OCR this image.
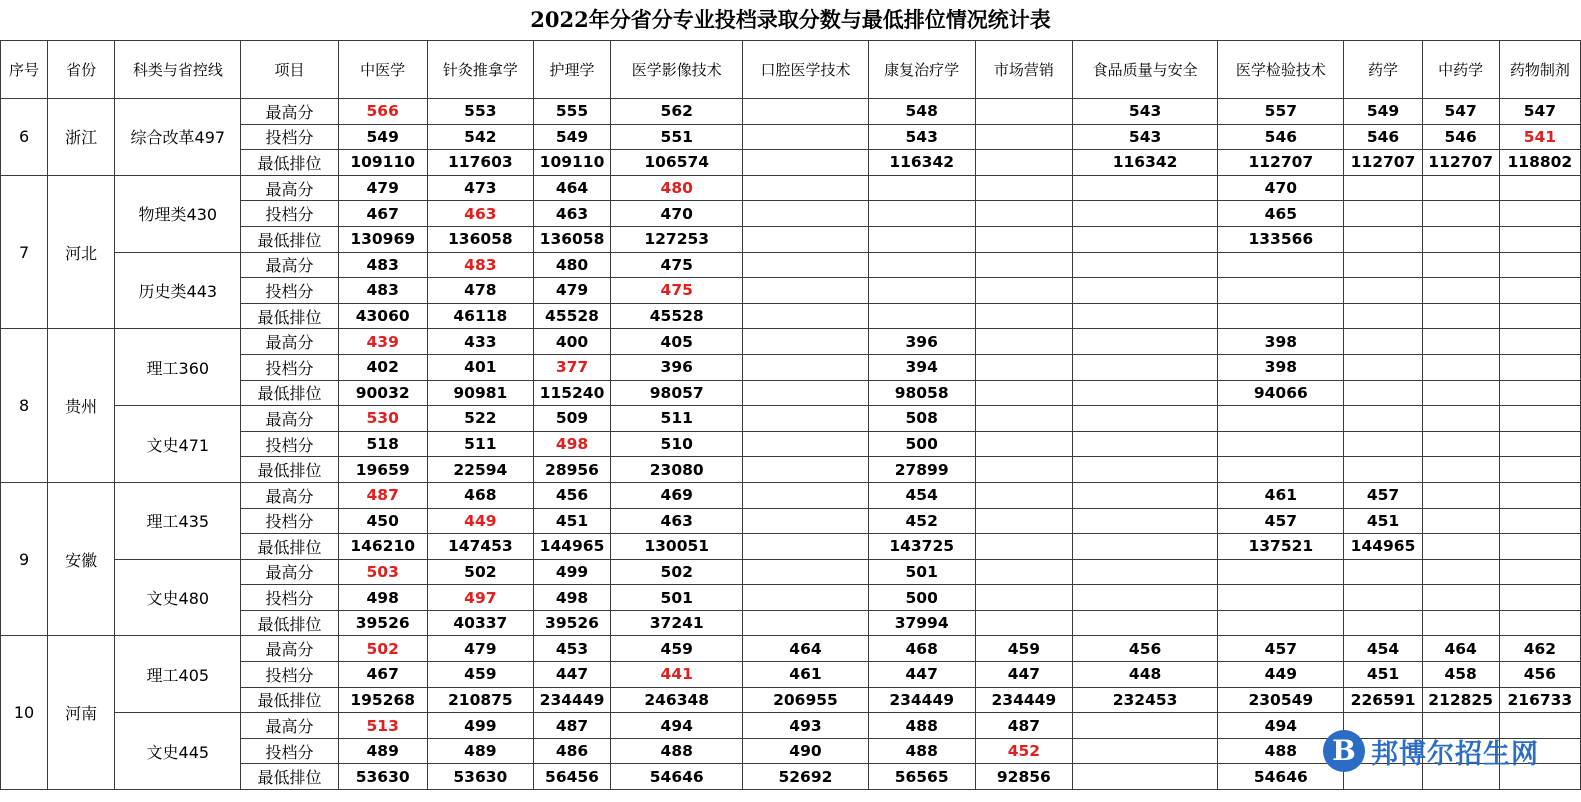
2022年分省分专业投档录取分数与最低排位情况统计表
序号	省份	科类与省控线	项目	中医学	针灸推拿学	护理学	医学影像技术	口腔医学技术	康复治疗学	市场营销	食品质量与安全	医学检验技术	药学	中药学	药物制剂
6	浙江	综合改革497	最高分	566	553	555	562		548		543	557	549	547	547
			投档分	549	542	549	551		543		543	546	546	546	541
			最低排位	109110	117603	109110	106574		116342		116342	112707	112707	112707	118802
7	河北	物理类430	最高分	479	473	464	480					470			
			投档分	467	463	463	470					465			
			最低排位	130969	136058	136058	127253					133566			
		历史类443	最高分	483	483	480	475								
			投档分	483	478	479	475								
			最低排位	43060	46118	45528	45528								
8	贵州	理工360	最高分	439	433	400	405		396			398			
			投档分	402	401	377	396		394			398			
			最低排位	90032	90981	115240	98057		98058			94066			
		文史471	最高分	530	522	509	511		508						
			投档分	518	511	498	510		500						
			最低排位	19659	22594	28956	23080		27899						
9	安徽	理工435	最高分	487	468	456	469		454			461	457		
			投档分	450	449	451	463		452			457	451		
			最低排位	146210	147453	144965	130051		143725			137521	144965		
		文史480	最高分	503	502	499	502		501						
			投档分	498	497	498	501		500						
			最低排位	39526	40337	39526	37241		37994						
10	河南	理工405	最高分	502	479	453	459	464	468	459	456	457	454	464	462
			投档分	467	459	447	441	461	447	447	448	449	451	458	456
			最低排位	195268	210875	234449	246348	206955	234449	234449	232453	230549	226591	212825	216733
		文史445	最高分	513	499	487	494	493	488	487		494			
			投档分	489	489	486	488	490	488	452		488			
			最低排位	53630	53630	56456	54646	52692	56565	92856		54646			
B 邦博尔招生网
